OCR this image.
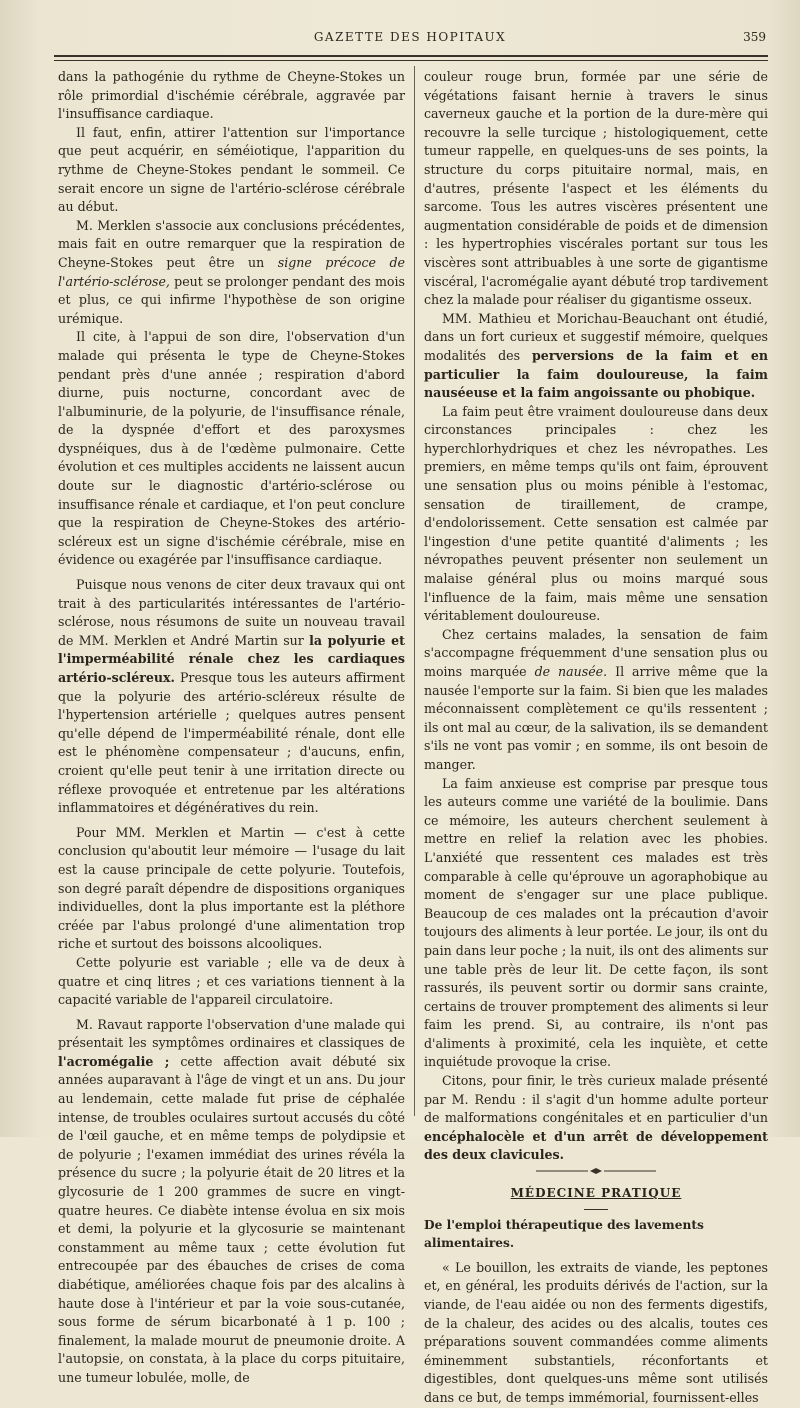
GAZETTE DES HOPITAUX	359

dans la pathogénie du rythme de Cheyne-Stokes un rôle primordial d'ischémie cérébrale, aggravée par l'insuffisance cardiaque.

Il faut, enfin, attirer l'attention sur l'importance que peut acquérir, en séméiotique, l'apparition du rythme de Cheyne-Stokes pendant le sommeil. Ce serait encore un signe de l'artério-sclérose cérébrale au début.

M. Merklen s'associe aux conclusions précédentes, mais fait en outre remarquer que la respiration de Cheyne-Stokes peut être un signe précoce de l'artério-sclérose, peut se prolonger pendant des mois et plus, ce qui infirme l'hypothèse de son origine urémique.

Il cite, à l'appui de son dire, l'observation d'un malade qui présenta le type de Cheyne-Stokes pendant près d'une année ; respiration d'abord diurne, puis nocturne, concordant avec de l'albuminurie, de la polyurie, de l'insuffisance rénale, de la dyspnée d'effort et des paroxysmes dyspnéiques, dus à de l'œdème pulmonaire. Cette évolution et ces multiples accidents ne laissent aucun doute sur le diagnostic d'artério-sclérose ou insuffisance rénale et cardiaque, et l'on peut conclure que la respiration de Cheyne-Stokes des artério-scléreux est un signe d'ischémie cérébrale, mise en évidence ou exagérée par l'insuffisance cardiaque.

Puisque nous venons de citer deux travaux qui ont trait à des particularités intéressantes de l'artério-sclérose, nous résumons de suite un nouveau travail de MM. Merklen et André Martin sur la polyurie et l'imperméabilité rénale chez les cardiaques artério-scléreux. Presque tous les auteurs affirment que la polyurie des artério-scléreux résulte de l'hypertension artérielle ; quelques autres pensent qu'elle dépend de l'imperméabilité rénale, dont elle est le phénomène compensateur ; d'aucuns, enfin, croient qu'elle peut tenir à une irritation directe ou réflexe provoquée et entretenue par les altérations inflammatoires et dégénératives du rein.

Pour MM. Merklen et Martin — c'est à cette conclusion qu'aboutit leur mémoire — l'usage du lait est la cause principale de cette polyurie. Toutefois, son degré paraît dépendre de dispositions organiques individuelles, dont la plus importante est la pléthore créée par l'abus prolongé d'une alimentation trop riche et surtout des boissons alcooliques.

Cette polyurie est variable ; elle va de deux à quatre et cinq litres ; et ces variations tiennent à la capacité variable de l'appareil circulatoire.

M. Ravaut rapporte l'observation d'une malade qui présentait les symptômes ordinaires et classiques de l'acromégalie ; cette affection avait débuté six années auparavant à l'âge de vingt et un ans. Du jour au lendemain, cette malade fut prise de céphalée intense, de troubles oculaires surtout accusés du côté de l'œil gauche, et en même temps de polydipsie et de polyurie ; l'examen immédiat des urines révéla la présence du sucre ; la polyurie était de 20 litres et la glycosurie de 1 200 grammes de sucre en vingt-quatre heures. Ce diabète intense évolua en six mois et demi, la polyurie et la glycosurie se maintenant constamment au même taux ; cette évolution fut entrecoupée par des ébauches de crises de coma diabétique, améliorées chaque fois par des alcalins à haute dose à l'intérieur et par la voie sous-cutanée, sous forme de sérum bicarbonaté à 1 p. 100 ; finalement, la malade mourut de pneumonie droite. A l'autopsie, on constata, à la place du corps pituitaire, une tumeur lobulée, molle, de

couleur rouge brun, formée par une série de végétations faisant hernie à travers le sinus caverneux gauche et la portion de la dure-mère qui recouvre la selle turcique ; histologiquement, cette tumeur rappelle, en quelques-uns de ses points, la structure du corps pituitaire normal, mais, en d'autres, présente l'aspect et les éléments du sarcome. Tous les autres viscères présentent une augmentation considérable de poids et de dimension : les hypertrophies viscérales portant sur tous les viscères sont attribuables à une sorte de gigantisme viscéral, l'acromégalie ayant débuté trop tardivement chez la malade pour réaliser du gigantisme osseux.

MM. Mathieu et Morichau-Beauchant ont étudié, dans un fort curieux et suggestif mémoire, quelques modalités des perversions de la faim et en particulier la faim douloureuse, la faim nauséeuse et la faim angoissante ou phobique.

La faim peut être vraiment douloureuse dans deux circonstances principales : chez les hyperchlorhydriques et chez les névropathes. Les premiers, en même temps qu'ils ont faim, éprouvent une sensation plus ou moins pénible à l'estomac, sensation de tiraillement, de crampe, d'endolorissement. Cette sensation est calmée par l'ingestion d'une petite quantité d'aliments ; les névropathes peuvent présenter non seulement un malaise général plus ou moins marqué sous l'influence de la faim, mais même une sensation véritablement douloureuse.

Chez certains malades, la sensation de faim s'accompagne fréquemment d'une sensation plus ou moins marquée de nausée. Il arrive même que la nausée l'emporte sur la faim. Si bien que les malades méconnaissent complètement ce qu'ils ressentent ; ils ont mal au cœur, de la salivation, ils se demandent s'ils ne vont pas vomir ; en somme, ils ont besoin de manger.

La faim anxieuse est comprise par presque tous les auteurs comme une variété de la boulimie. Dans ce mémoire, les auteurs cherchent seulement à mettre en relief la relation avec les phobies. L'anxiété que ressentent ces malades est très comparable à celle qu'éprouve un agoraphobique au moment de s'engager sur une place publique. Beaucoup de ces malades ont la précaution d'avoir toujours des aliments à leur portée. Le jour, ils ont du pain dans leur poche ; la nuit, ils ont des aliments sur une table près de leur lit. De cette façon, ils sont rassurés, ils peuvent sortir ou dormir sans crainte, certains de trouver promptement des aliments si leur faim les prend. Si, au contraire, ils n'ont pas d'aliments à proximité, cela les inquiète, et cette inquiétude provoque la crise.

Citons, pour finir, le très curieux malade présenté par M. Rendu : il s'agit d'un homme adulte porteur de malformations congénitales et en particulier d'un encéphalocèle et d'un arrêt de développement des deux clavicules.

MÉDECINE PRATIQUE
De l'emploi thérapeutique des lavements alimentaires.

« Le bouillon, les extraits de viande, les peptones et, en général, les produits dérivés de l'action, sur la viande, de l'eau aidée ou non des ferments digestifs, de la chaleur, des acides ou des alcalis, toutes ces préparations souvent commandées comme aliments éminemment substantiels, réconfortants et digestibles, dont quelques-uns même sont utilisés dans ce but, de temps immémorial, fournissent-elles
